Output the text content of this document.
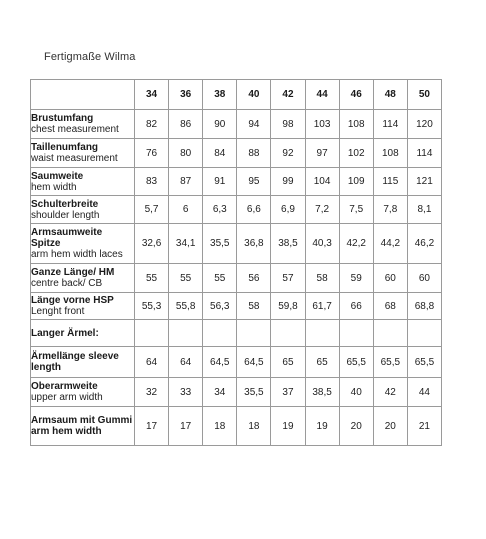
Fertigmaße Wilma
	34	36	38	40	42	44	46	48	50

Brustumfang
chest measurement	82	86	90	94	98	103	108	114	120

Taillenumfang
waist measurement	76	80	84	88	92	97	102	108	114

Saumweite
hem width	83	87	91	95	99	104	109	115	121

Schulterbreite
shoulder length	5,7	6	6,3	6,6	6,9	7,2	7,5	7,8	8,1

Armsaumweite Spitze
arm hem width laces	32,6	34,1	35,5	36,8	38,5	40,3	42,2	44,2	46,2

Ganze Länge/ HM
centre back/ CB	55	55	55	56	57	58	59	60	60

Länge vorne HSP
Lenght front	55,3	55,8	56,3	58	59,8	61,7	66	68	68,8

Langer Ärmel:									

Ärmellänge sleeve length	64	64	64,5	64,5	65	65	65,5	65,5	65,5

Oberarmweite
upper arm width	32	33	34	35,5	37	38,5	40	42	44

Armsaum mit Gummi arm hem width	17	17	18	18	19	19	20	20	21
